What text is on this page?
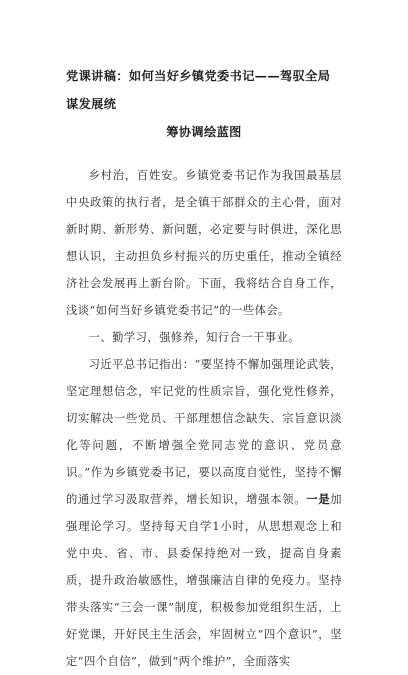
党课讲稿：如何当好乡镇党委书记——驾驭全局谋发展统
筹协调绘蓝图

乡村治，百姓安。乡镇党委书记作为我国最基层中央政策的执行者，是全镇干部群众的主心骨，面对新时期、新形势、新问题，必定要与时俱进，深化思想认识，主动担负乡村振兴的历史重任，推动全镇经济社会发展再上新台阶。下面，我将结合自身工作，浅谈“如何当好乡镇党委书记”的一些体会。

一、勤学习，强修养，知行合一干事业。

习近平总书记指出：“要坚持不懈加强理论武装，坚定理想信念，牢记党的性质宗旨，强化党性修养，切实解决一些党员、干部理想信念缺失、宗旨意识淡化等问题，不断增强全党同志党的意识、党员意识。”作为乡镇党委书记，要以高度自觉性，坚持不懈的通过学习汲取营养，增长知识，增强本领。一是加强理论学习。坚持每天自学1小时，从思想观念上和党中央、省、市、县委保持绝对一致，提高自身素质，提升政治敏感性，增强廉洁自律的免疫力。坚持带头落实“三会一课”制度，积极参加党组织生活，上好党课，开好民主生活会，牢固树立“四个意识”，坚定“四个自信”，做到“两个维护”，全面落实
